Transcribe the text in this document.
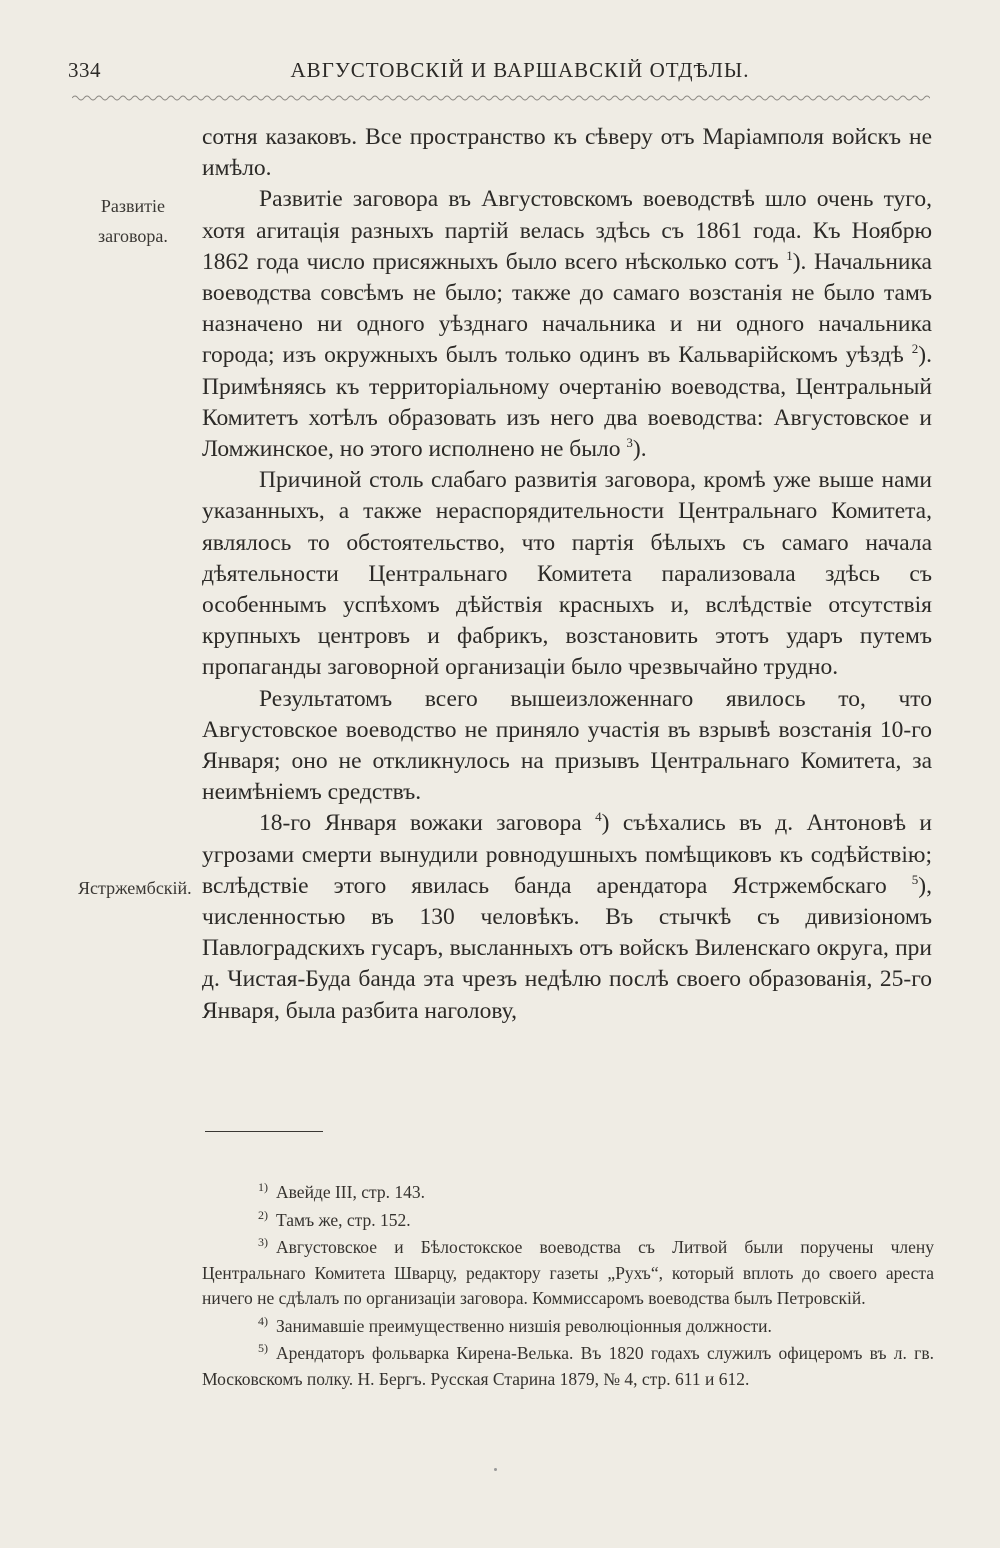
334	АВГУСТОВСКІЙ И ВАРШАВСКІЙ ОТДѢЛЫ.
Развитіе
заговора.
Ястржембскій.

сотня казаковъ. Все пространство къ сѣверу отъ Маріамполя войскъ не имѣло.

Развитіе заговора въ Августовскомъ воеводствѣ шло очень туго, хотя агитація разныхъ партій велась здѣсь съ 1861 года. Къ Ноябрю 1862 года число присяжныхъ было всего нѣсколько сотъ $^1$). Начальника воеводства совсѣмъ не было; также до самаго возстанія не было тамъ назначено ни одного уѣзднаго начальника и ни одного начальника города; изъ окружныхъ былъ только одинъ въ Кальварійскомъ уѣздѣ $^2$). Примѣняясь къ территоріальному очертанію воеводства, Центральный Комитетъ хотѣлъ образовать изъ него два воеводства: Августовское и Ломжинское, но этого исполнено не было $^3$).

Причиной столь слабаго развитія заговора, кромѣ уже выше нами указанныхъ, а также нераспорядительности Центральнаго Комитета, являлось то обстоятельство, что партія бѣлыхъ съ самаго начала дѣятельности Центральнаго Комитета парализовала здѣсь съ особеннымъ успѣхомъ дѣйствія красныхъ и, вслѣдствіе отсутствія крупныхъ центровъ и фабрикъ, возстановить этотъ ударъ путемъ пропаганды заговорной организаціи было чрезвычайно трудно.

Результатомъ всего вышеизложеннаго явилось то, что Августовское воеводство не приняло участія въ взрывѣ возстанія 10-го Января; оно не откликнулось на призывъ Центральнаго Комитета, за неимѣніемъ средствъ.

18-го Января вожаки заговора $^4$) съѣхались въ д. Антоновѣ и угрозами смерти вынудили ровнодушныхъ помѣщиковъ къ содѣйствію; вслѣдствіе этого явилась банда арендатора Ястржембскаго $^5$), численностью въ 130 человѣкъ. Въ стычкѣ съ дивизіономъ Павлоградскихъ гусаръ, высланныхъ отъ войскъ Виленскаго округа, при д. Чистая-Буда банда эта чрезъ недѣлю послѣ своего образованія, 25-го Января, была разбита наголову,

$^{1)}$ Авейде III, стр. 143.
$^{2)}$ Тамъ же, стр. 152.
$^{3)}$ Августовское и Бѣлостокское воеводства съ Литвой были поручены члену Центральнаго Комитета Шварцу, редактору газеты „Рухъ“, который вплоть до своего ареста ничего не сдѣлалъ по организаціи заговора. Коммиссаромъ воеводства былъ Петровскій.
$^{4)}$ Занимавшіе преимущественно низшія революціонныя должности.
$^{5)}$ Арендаторъ фольварка Кирена-Велька. Въ 1820 годахъ служилъ офицеромъ въ л. гв. Московскомъ полку. Н. Бергъ. Русская Старина 1879, № 4, стр. 611 и 612.
